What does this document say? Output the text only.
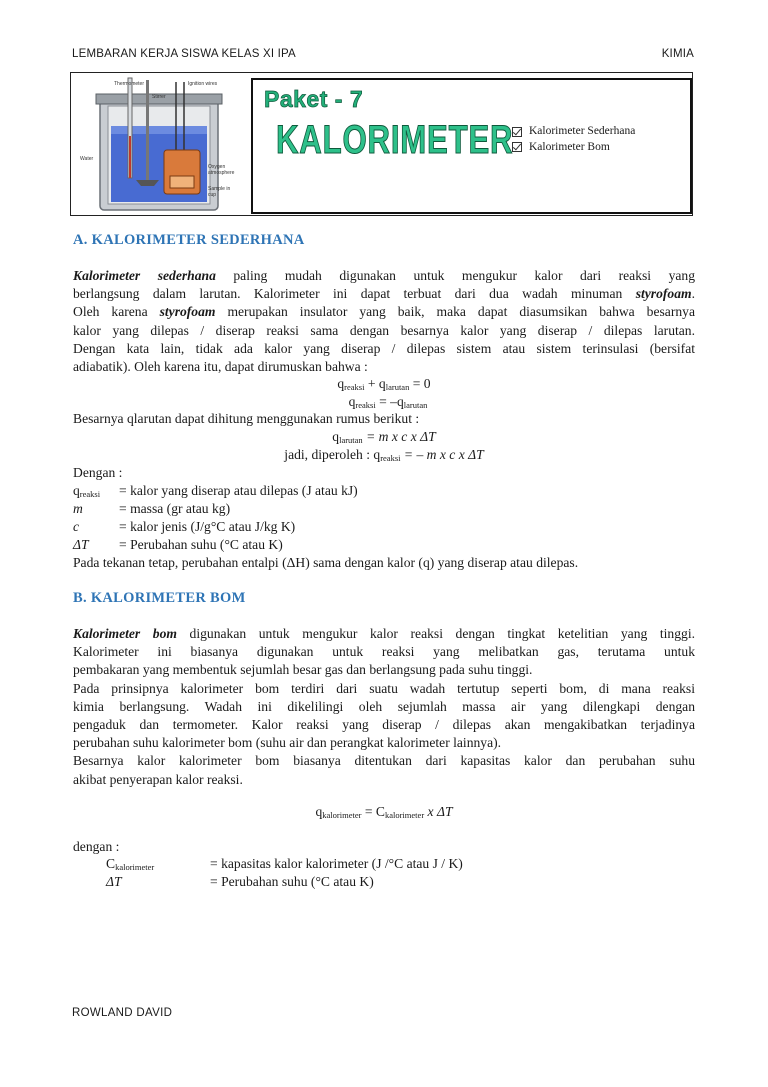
LEMBARAN KERJA SISWA KELAS XI IPA	KIMIA
Thermometer	Ignition wires
Stirrer
Water
Oxygen
atmosphere
Sample in
cup
Paket - 7
KALORIMETER Kalorimeter Sederhana
Kalorimeter Bom
A. KALORIMETER SEDERHANA
Kalorimeter sederhana paling mudah digunakan untuk mengukur kalor dari reaksi yang
berlangsung dalam larutan. Kalorimeter ini dapat terbuat dari dua wadah minuman styrofoam.
Oleh karena styrofoam merupakan insulator yang baik, maka dapat diasumsikan bahwa besarnya
kalor yang dilepas / diserap reaksi sama dengan besarnya kalor yang diserap / dilepas larutan.
Dengan kata lain, tidak ada kalor yang diserap / dilepas sistem atau sistem terinsulasi (bersifat
adiabatik). Oleh karena itu, dapat dirumuskan bahwa :
$q_{reaksi} + q_{larutan} = 0$
$q_{reaksi} = -q_{larutan}$
Besarnya qlarutan dapat dihitung menggunakan rumus berikut :
$q_{larutan} = m$ x c x ΔT
jadi, diperoleh : $q_{reaksi}$ = – m x c x ΔT
Dengan :
$q_{reaksi}$ = kalor yang diserap atau dilepas (J atau kJ)
m	= massa (gr atau kg)
c	= kalor jenis (J/g°C atau J/kg K)
ΔT = Perubahan suhu (°C atau K)
Pada tekanan tetap, perubahan entalpi (ΔH) sama dengan kalor (q) yang diserap atau dilepas.
B. KALORIMETER BOM
Kalorimeter bom digunakan untuk mengukur kalor reaksi dengan tingkat ketelitian yang tinggi.
Kalorimeter ini biasanya digunakan untuk reaksi yang melibatkan gas, terutama untuk
pembakaran yang membentuk sejumlah besar gas dan berlangsung pada suhu tinggi.
Pada prinsipnya kalorimeter bom terdiri dari suatu wadah tertutup seperti bom, di mana reaksi
kimia berlangsung. Wadah ini dikelilingi oleh sejumlah massa air yang dilengkapi dengan
pengaduk dan termometer. Kalor reaksi yang diserap / dilepas akan mengakibatkan terjadinya
perubahan suhu kalorimeter bom (suhu air dan perangkat kalorimeter lainnya).
Besarnya kalor kalorimeter bom biasanya ditentukan dari kapasitas kalor dan perubahan suhu
akibat penyerapan kalor reaksi.
$q_{kalorimeter} = C_{kalorimeter}$ x ΔT
dengan :
$C_{kalorimeter}$	= kapasitas kalor kalorimeter (J /°C atau J / K)
ΔT	= Perubahan suhu (°C atau K)
ROWLAND DAVID
